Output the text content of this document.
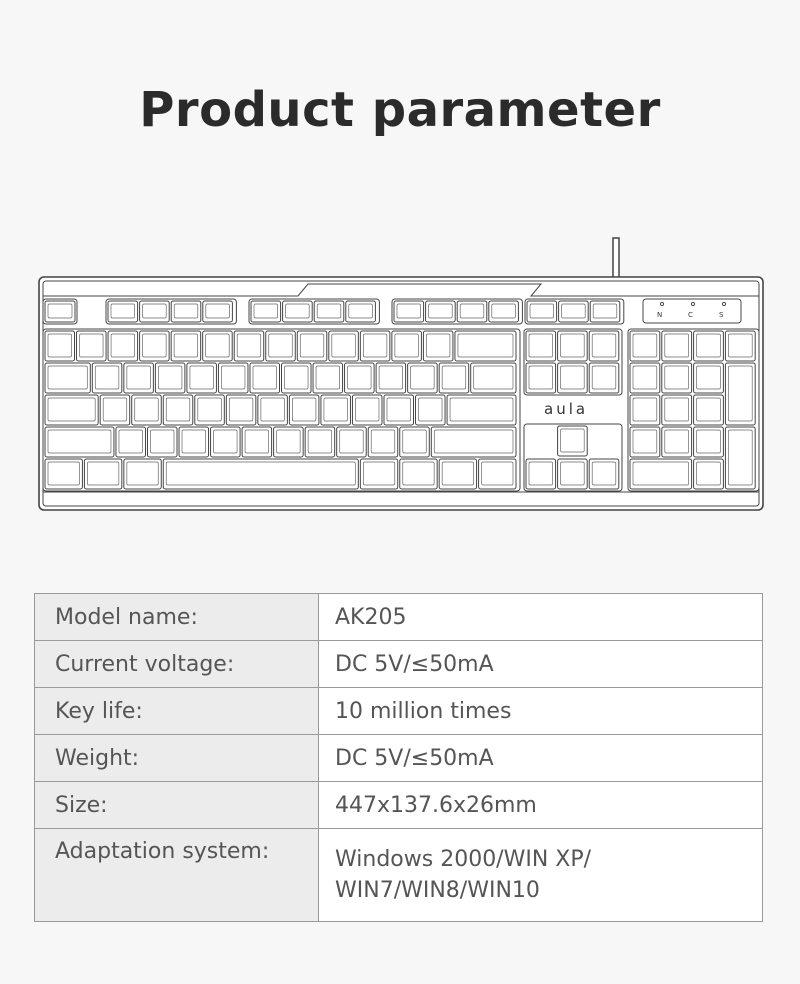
Product parameter
aula
N	C	S
Model name:	AK205
Current voltage:	DC 5V/≤50mA
Key life:	10 million times
Weight:	DC 5V/≤50mA
Size:	447x137.6x26mm
Adaptation system:	Windows 2000/WIN XP/
WIN7/WIN8/WIN10
